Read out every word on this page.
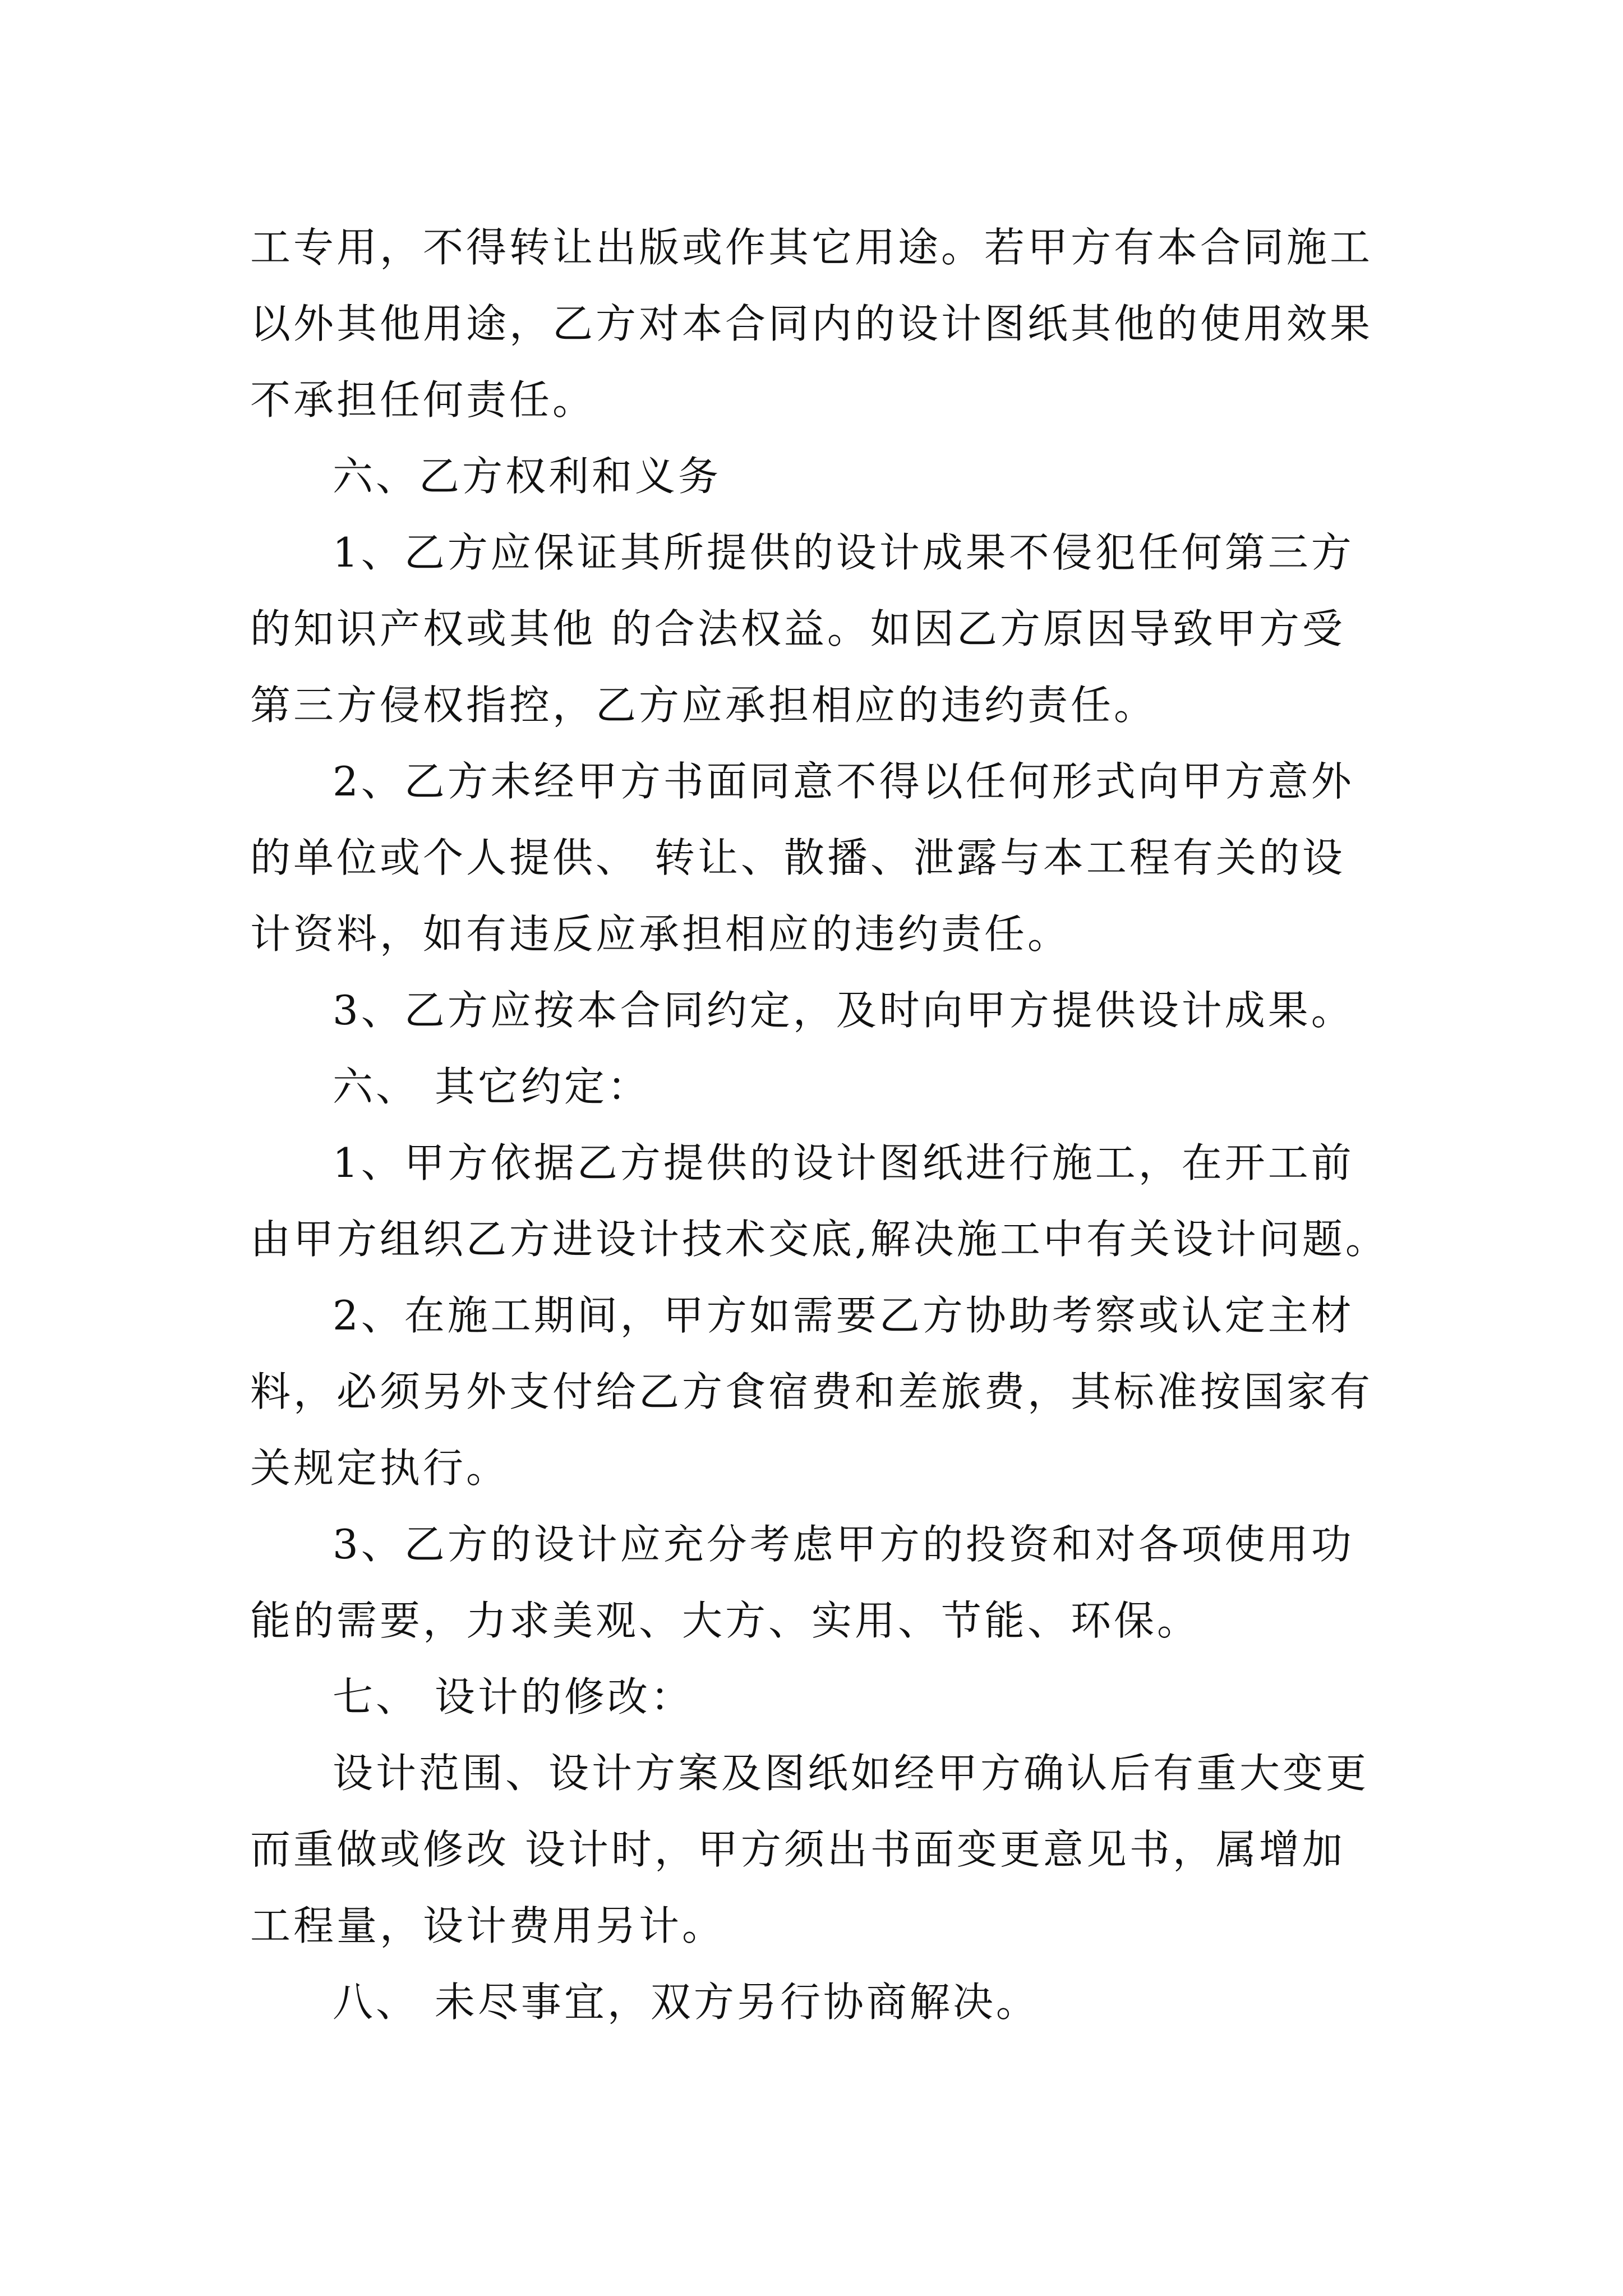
工专用，不得转让出版或作其它用途。若甲方有本合同施工
以外其他用途，乙方对本合同内的设计图纸其他的使用效果
不承担任何责任。
六、乙方权利和义务
1、乙方应保证其所提供的设计成果不侵犯任何第三方
的知识产权或其他 的合法权益。如因乙方原因导致甲方受
第三方侵权指控，乙方应承担相应的违约责任。
2、乙方未经甲方书面同意不得以任何形式向甲方意外
的单位或个人提供、 转让、散播、泄露与本工程有关的设
计资料，如有违反应承担相应的违约责任。
3、乙方应按本合同约定，及时向甲方提供设计成果。
六、 其它约定：
1、甲方依据乙方提供的设计图纸进行施工，在开工前
由甲方组织乙方进设计技术交底,解决施工中有关设计问题。
2、在施工期间，甲方如需要乙方协助考察或认定主材
料，必须另外支付给乙方食宿费和差旅费，其标准按国家有
关规定执行。
3、乙方的设计应充分考虑甲方的投资和对各项使用功
能的需要，力求美观、大方、实用、节能、环保。
七、 设计的修改：
设计范围、设计方案及图纸如经甲方确认后有重大变更
而重做或修改 设计时，甲方须出书面变更意见书，属增加
工程量，设计费用另计。
八、 未尽事宜，双方另行协商解决。
